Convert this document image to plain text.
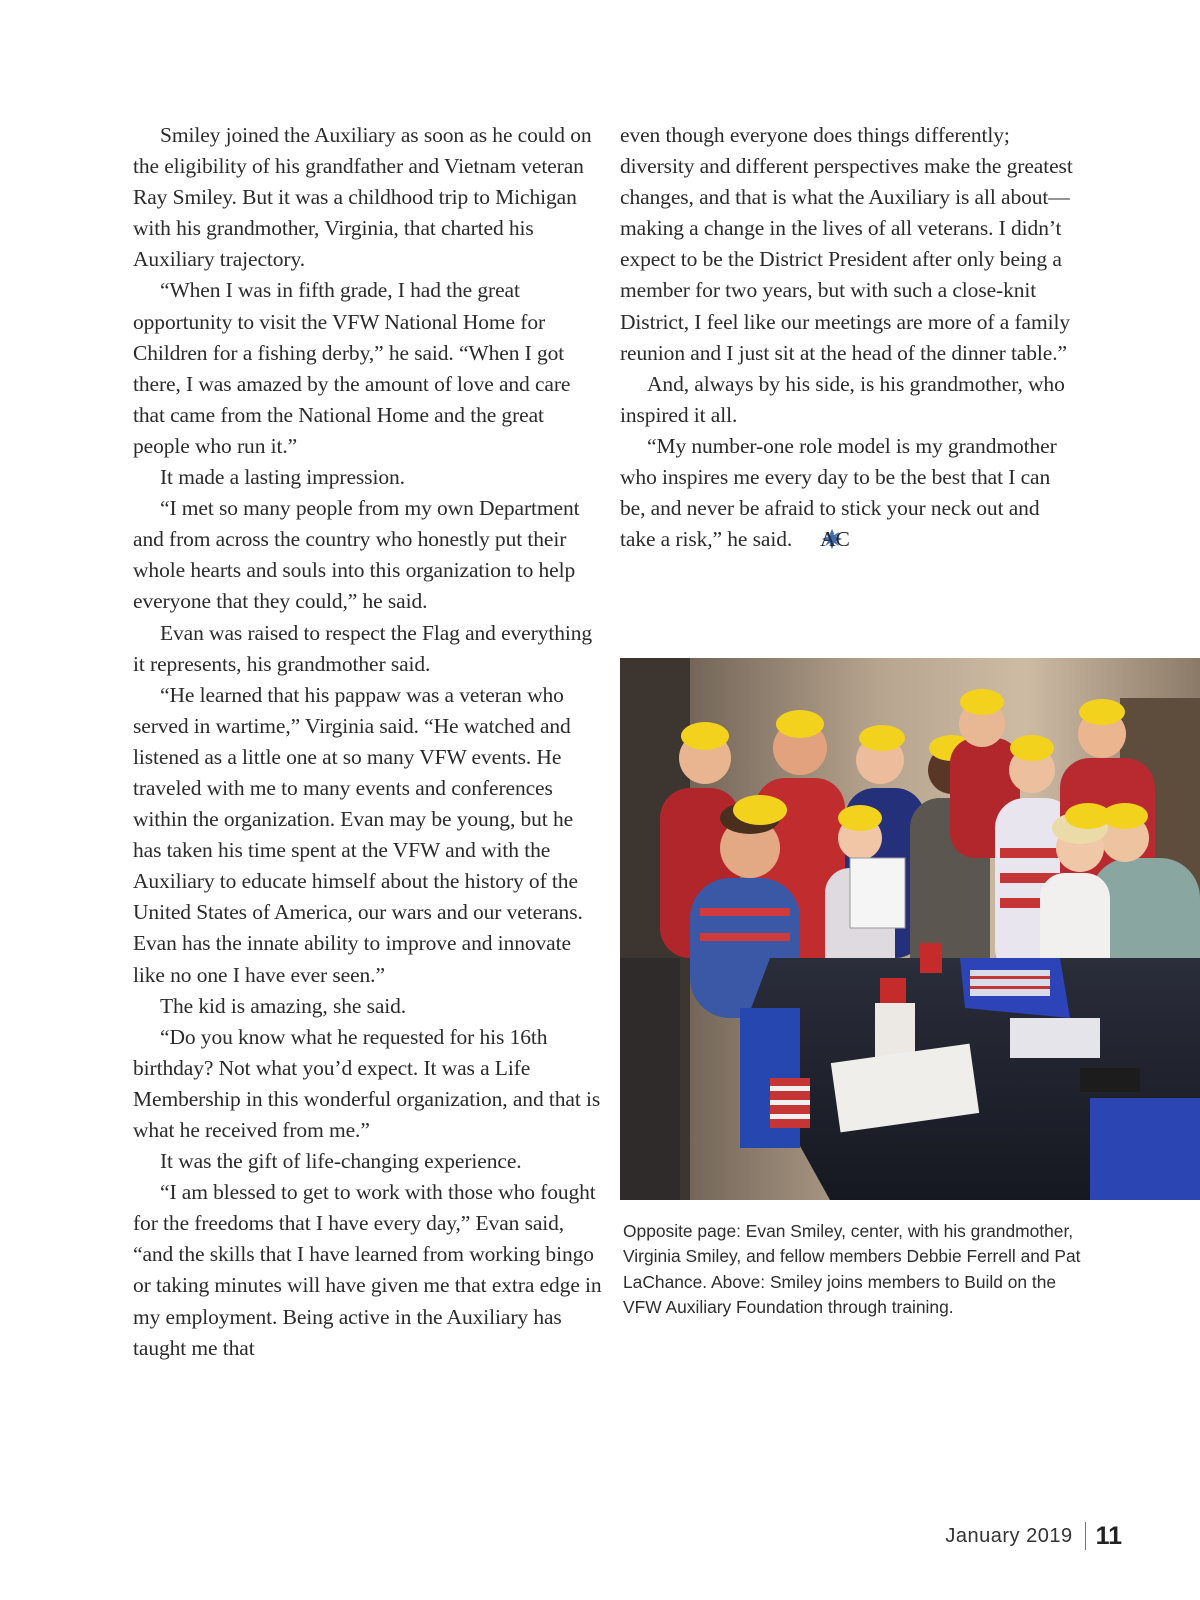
Smiley joined the Auxiliary as soon as he could on the eligibility of his grandfather and Vietnam veteran Ray Smiley. But it was a childhood trip to Michigan with his grandmother, Virginia, that charted his Auxiliary trajectory.
“When I was in fifth grade, I had the great opportunity to visit the VFW National Home for Children for a fishing derby,” he said. “When I got there, I was amazed by the amount of love and care that came from the National Home and the great people who run it.”
It made a lasting impression.
“I met so many people from my own Department and from across the country who honestly put their whole hearts and souls into this organization to help everyone that they could,” he said.
Evan was raised to respect the Flag and everything it represents, his grandmother said.
“He learned that his pappaw was a veteran who served in wartime,” Virginia said. “He watched and listened as a little one at so many VFW events. He traveled with me to many events and conferences within the organization. Evan may be young, but he has taken his time spent at the VFW and with the Auxiliary to educate himself about the history of the United States of America, our wars and our veterans. Evan has the innate ability to improve and innovate like no one I have ever seen.”
The kid is amazing, she said.
“Do you know what he requested for his 16th birthday? Not what you’d expect. It was a Life Membership in this wonderful organization, and that is what he received from me.”
It was the gift of life-changing experience.
“I am blessed to get to work with those who fought for the freedoms that I have every day,” Evan said, “and the skills that I have learned from working bingo or taking minutes will have given me that extra edge in my employment. Being active in the Auxiliary has taught me that
even though everyone does things differently; diversity and different perspectives make the greatest changes, and that is what the Auxiliary is all about—making a change in the lives of all veterans. I didn’t expect to be the District President after only being a member for two years, but with such a close-knit District, I feel like our meetings are more of a family reunion and I just sit at the head of the dinner table.”
And, always by his side, is his grandmother, who inspired it all.
“My number-one role model is my grandmother who inspires me every day to be the best that I can be, and never be afraid to stick your neck out and take a risk,” he said. AC
Opposite page: Evan Smiley, center, with his grandmother, Virginia Smiley, and fellow members Debbie Ferrell and Pat LaChance. Above: Smiley joins members to Build on the VFW Auxiliary Foundation through training.
January 2019 11
